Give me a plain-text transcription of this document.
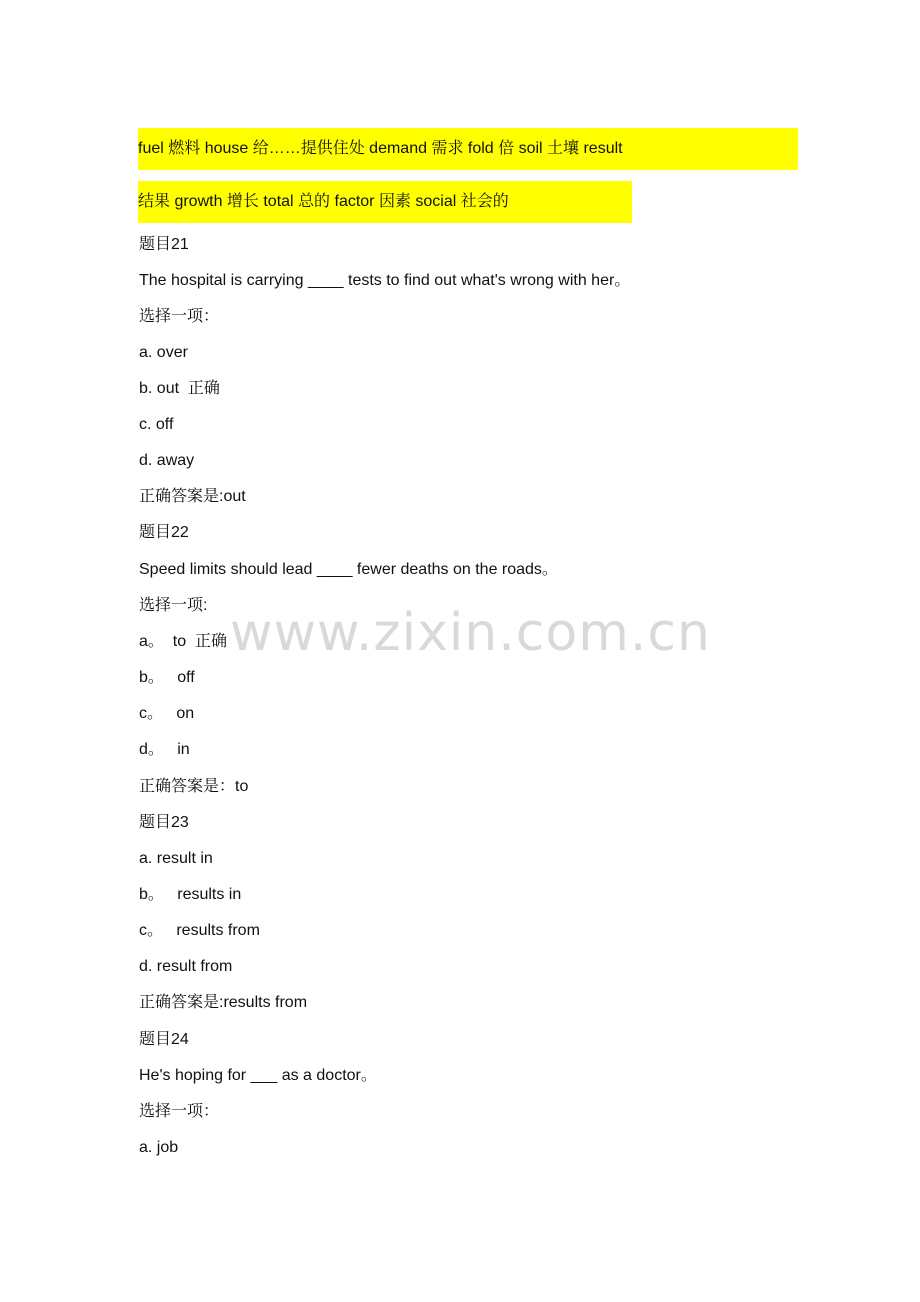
fuel 燃料 house 给……提供住处 demand 需求 fold 倍 soil 土壤 result 结果 growth 增长 total 总的 factor 因素 social 社会的
题目21
The hospital is carrying ____ tests to find out what's wrong with her。
选择一项：
a. over
b. out  正确
c. off
d. away
正确答案是:out
题目22
Speed limits should lead ____ fewer deaths on the roads。
选择一项:
a。  to  正确
b。   off
c。   on
d。   in
正确答案是：to
题目23
a. result in
b。   results in
c。   results from
d. result from
正确答案是:results from
题目24
He's hoping for ___ as a doctor。
选择一项：
a. job
www.zixin.com.cn
